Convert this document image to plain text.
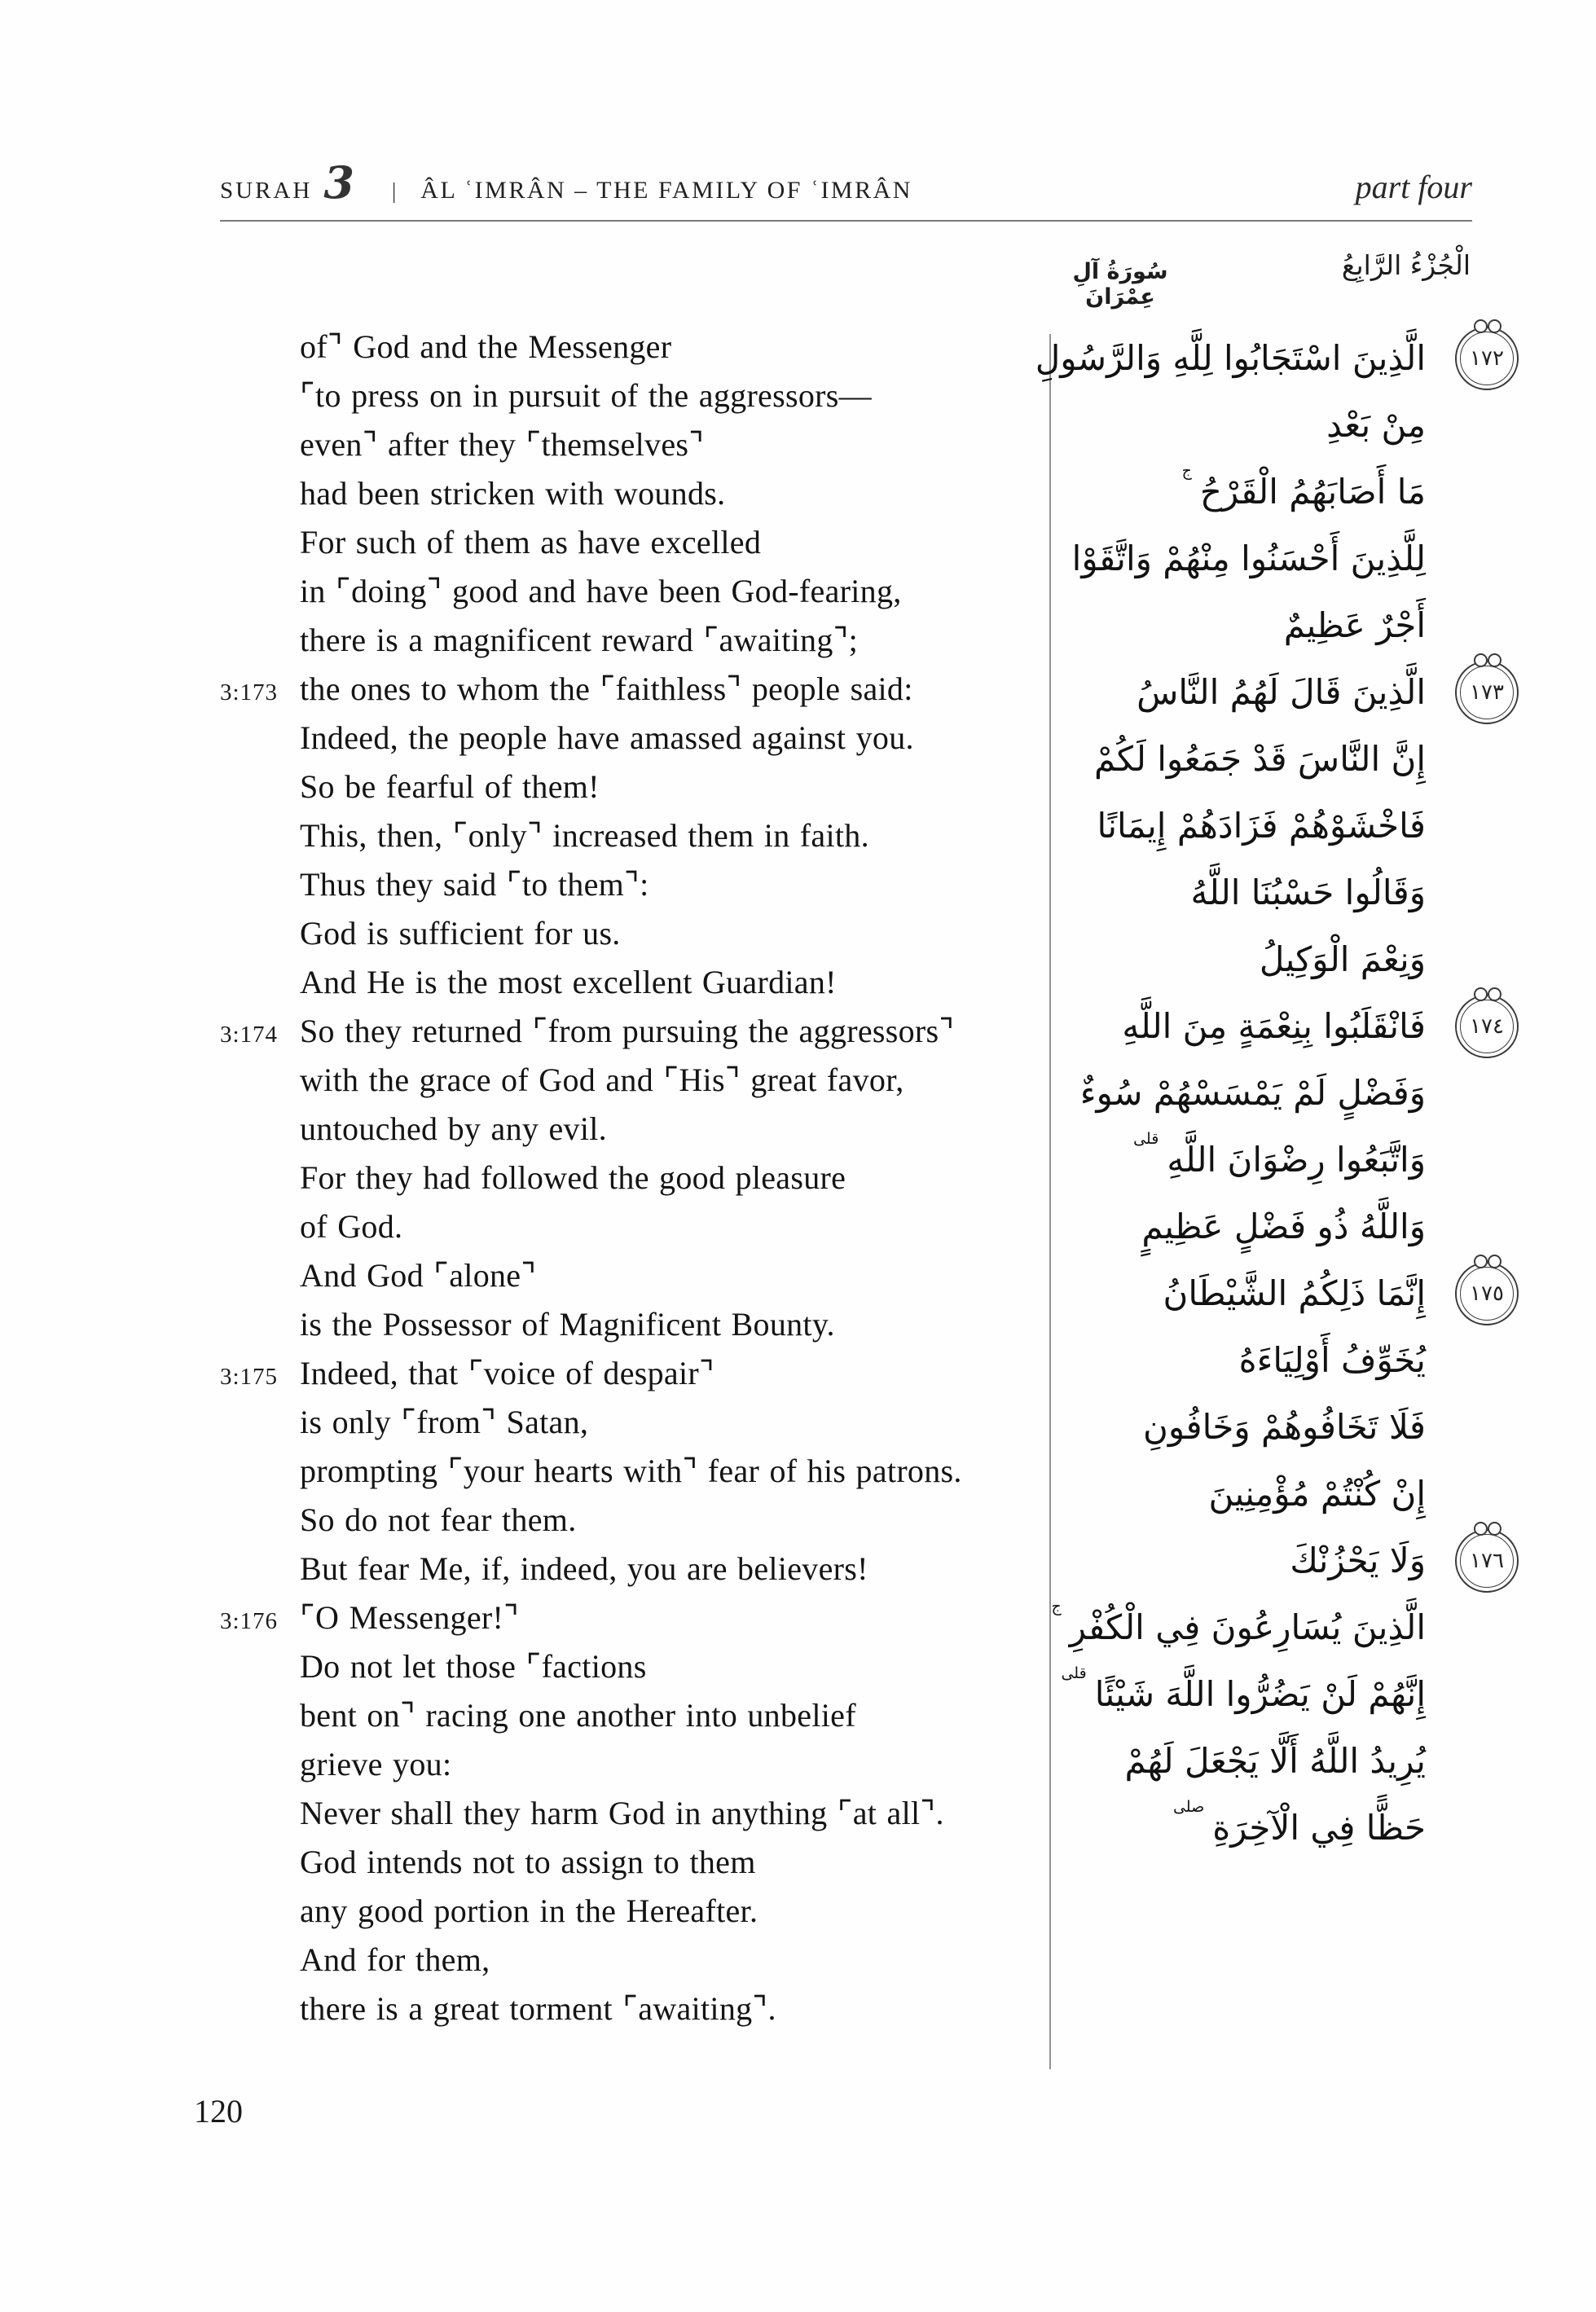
SURAH 3 | ÂL ʿIMRÂN – THE FAMILY OF ʿIMRÂN	part four
سُورَةُ آلِ عِمْرَانَ
الْجُزْءُ الرَّابِعُ
of⌝ God and the Messenger
⌜to press on in pursuit of the aggressors—
even⌝ after they ⌜themselves⌝
had been stricken with wounds.
For such of them as have excelled
in ⌜doing⌝ good and have been God-fearing,
there is a magnificent reward ⌜awaiting⌝;
3:173 the ones to whom the ⌜faithless⌝ people said:
Indeed, the people have amassed against you.
So be fearful of them!
This, then, ⌜only⌝ increased them in faith.
Thus they said ⌜to them⌝:
God is sufficient for us.
And He is the most excellent Guardian!
3:174 So they returned ⌜from pursuing the aggressors⌝
with the grace of God and ⌜His⌝ great favor,
untouched by any evil.
For they had followed the good pleasure
of God.
And God ⌜alone⌝
is the Possessor of Magnificent Bounty.
3:175 Indeed, that ⌜voice of despair⌝
is only ⌜from⌝ Satan,
prompting ⌜your hearts with⌝ fear of his patrons.
So do not fear them.
But fear Me, if, indeed, you are believers!
3:176 ⌜O Messenger!⌝
Do not let those ⌜factions
bent on⌝ racing one another into unbelief
grieve you:
Never shall they harm God in anything ⌜at all⌝.
God intends not to assign to them
any good portion in the Hereafter.
And for them,
there is a great torment ⌜awaiting⌝.
١٧٢
الَّذِينَ اسْتَجَابُوا لِلَّهِ وَالرَّسُولِ
مِنْ بَعْدِ
مَا أَصَابَهُمُ الْقَرْحُ
ج
لِلَّذِينَ أَحْسَنُوا مِنْهُمْ وَاتَّقَوْا
أَجْرٌ عَظِيمٌ
١٧٣
الَّذِينَ قَالَ لَهُمُ النَّاسُ
إِنَّ النَّاسَ قَدْ جَمَعُوا لَكُمْ
فَاخْشَوْهُمْ فَزَادَهُمْ إِيمَانًا
وَقَالُوا حَسْبُنَا اللَّهُ
وَنِعْمَ الْوَكِيلُ
١٧٤
فَانْقَلَبُوا بِنِعْمَةٍ مِنَ اللَّهِ
وَفَضْلٍ لَمْ يَمْسَسْهُمْ سُوءٌ
وَاتَّبَعُوا رِضْوَانَ اللَّهِ
قلى
وَاللَّهُ ذُو فَضْلٍ عَظِيمٍ
١٧٥
إِنَّمَا ذَلِكُمُ الشَّيْطَانُ
يُخَوِّفُ أَوْلِيَاءَهُ
فَلَا تَخَافُوهُمْ وَخَافُونِ
إِنْ كُنْتُمْ مُؤْمِنِينَ
١٧٦
وَلَا يَحْزُنْكَ
الَّذِينَ يُسَارِعُونَ فِي الْكُفْرِ
ج
إِنَّهُمْ لَنْ يَضُرُّوا اللَّهَ شَيْئًا
قلى
يُرِيدُ اللَّهُ أَلَّا يَجْعَلَ لَهُمْ
حَظًّا فِي الْآخِرَةِ
صلى
120
